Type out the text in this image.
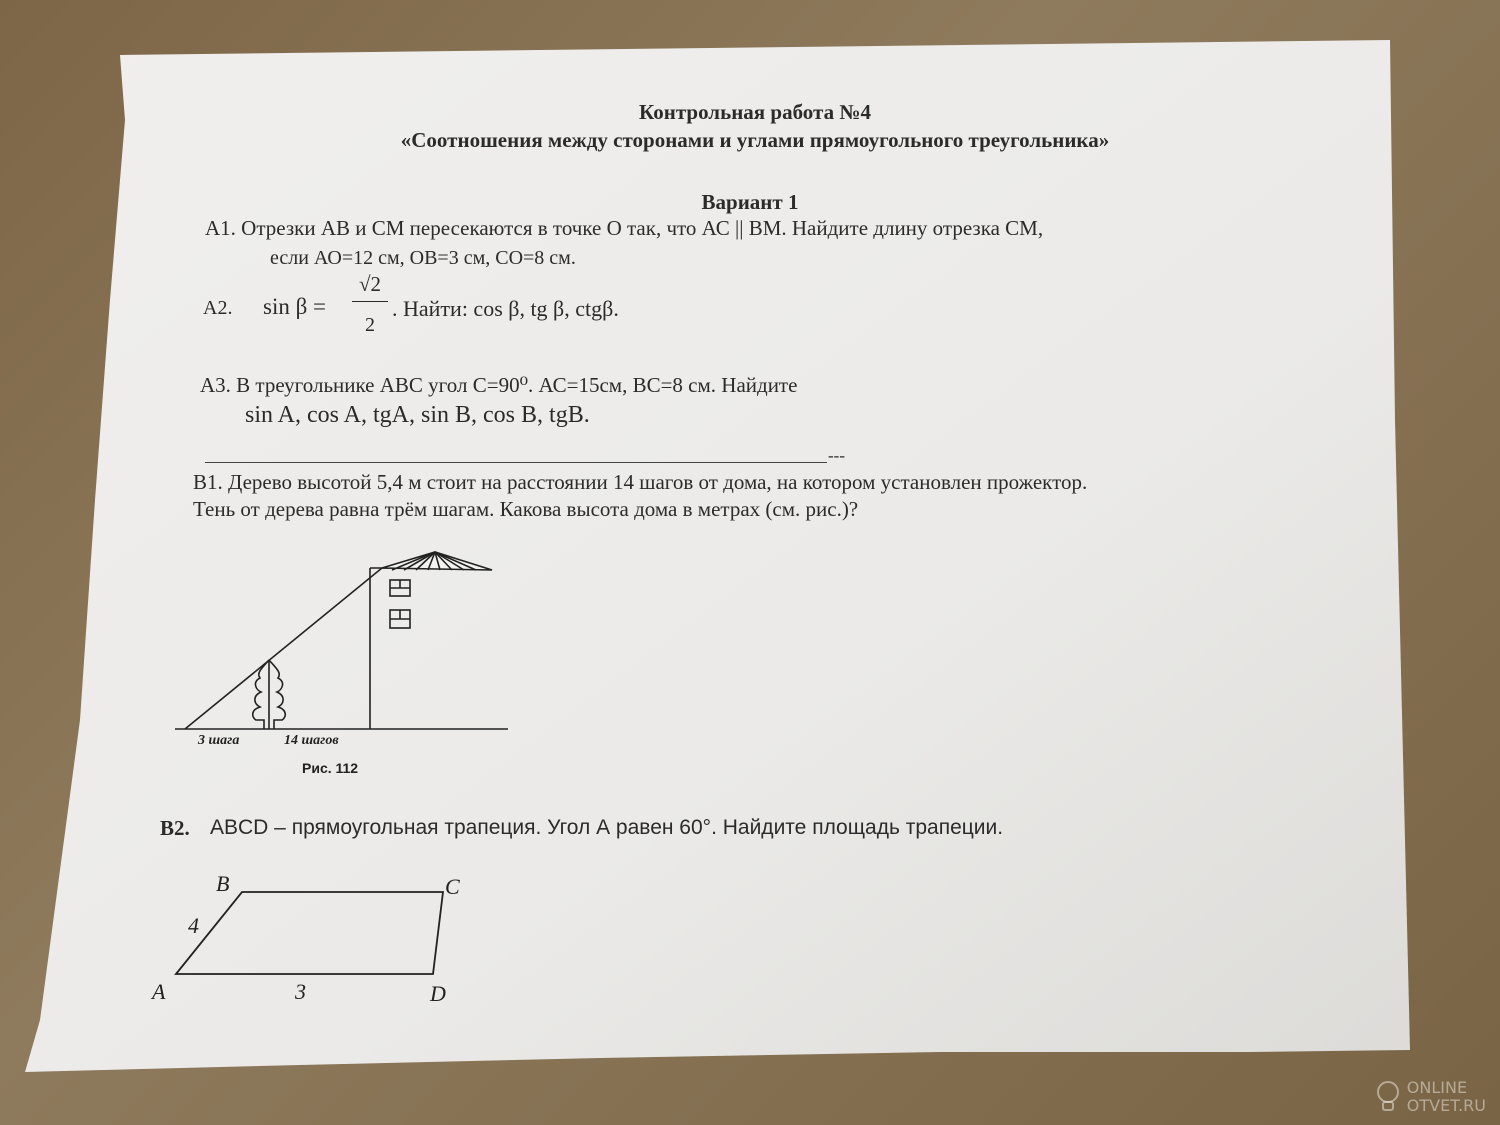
Контрольная работа №4
«Соотношения между сторонами и углами прямоугольного треугольника»
Вариант 1
А1. Отрезки АВ и СМ пересекаются в точке О так, что АС || ВМ. Найдите длину отрезка СМ,
если АО=12 см, ОВ=3 см, СО=8 см.
А2. sin β =
√2
2
. Найти: cos β, tg β, ctgβ.
А3. В треугольнике АВС угол С=90⁰. АС=15см, ВС=8 см. Найдите
sin A, cos A, tgA, sin B, cos B, tgB.
---
В1. Дерево высотой 5,4 м стоит на расстоянии 14 шагов от дома, на котором установлен прожектор.
Тень от дерева равна трём шагам. Какова высота дома в метрах (см. рис.)?
3 шага	14 шагов
Рис. 112
В2. ABCD – прямоугольная трапеция. Угол А равен 60°. Найдите площадь трапеции.
A
B	C
D
4
3
ONLINE
OTVET.RU
